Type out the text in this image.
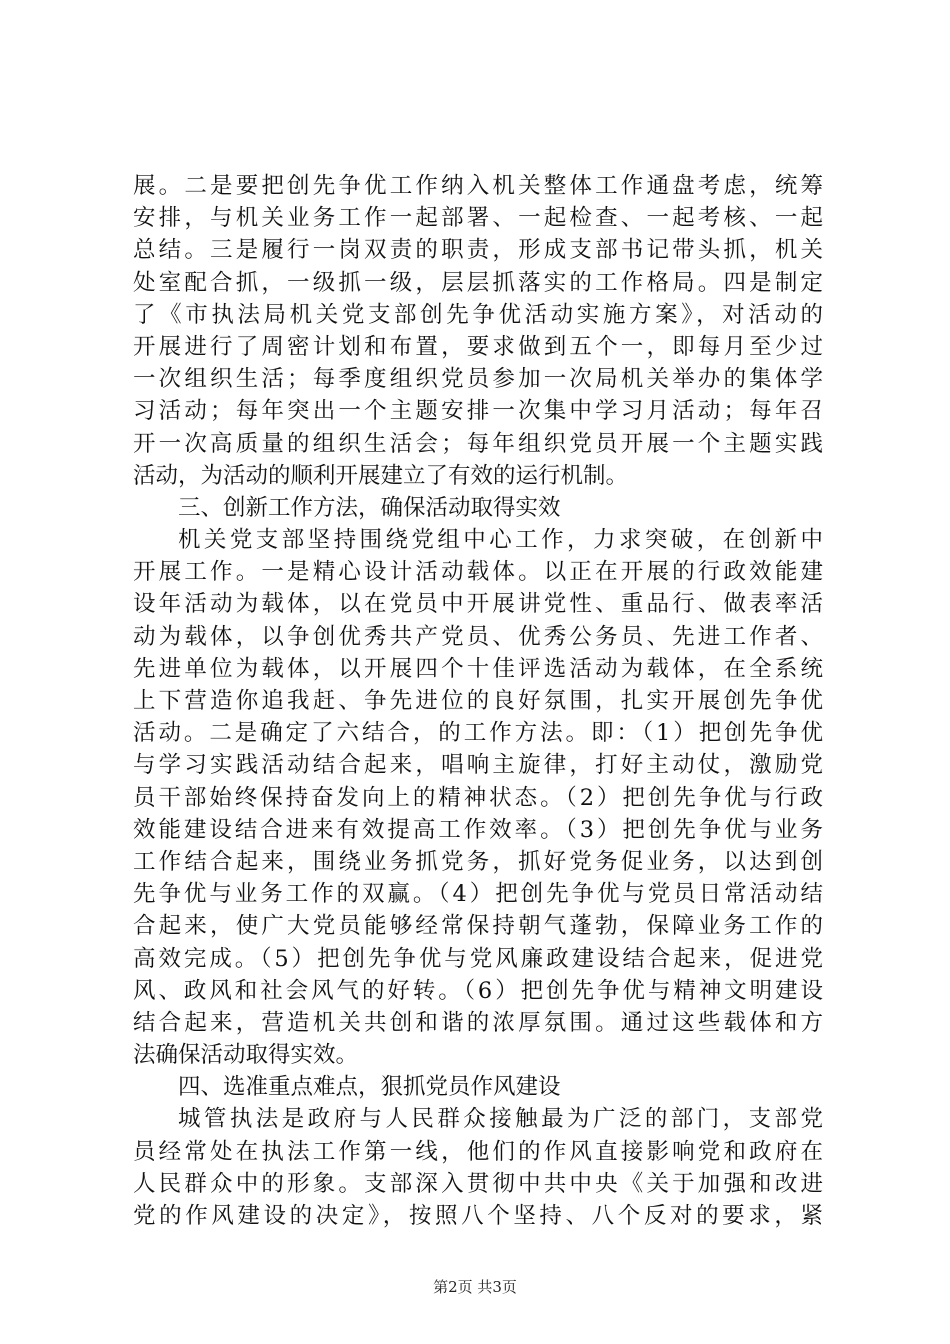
展。二是要把创先争优工作纳入机关整体工作通盘考虑，统筹
安排，与机关业务工作一起部署、一起检查、一起考核、一起
总结。三是履行一岗双责的职责，形成支部书记带头抓，机关
处室配合抓，一级抓一级，层层抓落实的工作格局。四是制定
了《市执法局机关党支部创先争优活动实施方案》，对活动的
开展进行了周密计划和布置，要求做到五个一，即每月至少过
一次组织生活；每季度组织党员参加一次局机关举办的集体学
习活动；每年突出一个主题安排一次集中学习月活动；每年召
开一次高质量的组织生活会；每年组织党员开展一个主题实践
活动，为活动的顺利开展建立了有效的运行机制。
三、创新工作方法，确保活动取得实效
机关党支部坚持围绕党组中心工作，力求突破，在创新中
开展工作。一是精心设计活动载体。以正在开展的行政效能建
设年活动为载体，以在党员中开展讲党性、重品行、做表率活
动为载体，以争创优秀共产党员、优秀公务员、先进工作者、
先进单位为载体，以开展四个十佳评选活动为载体，在全系统
上下营造你追我赶、争先进位的良好氛围，扎实开展创先争优
活动。二是确定了六结合，的工作方法。即：（1）把创先争优
与学习实践活动结合起来，唱响主旋律，打好主动仗，激励党
员干部始终保持奋发向上的精神状态。（2）把创先争优与行政
效能建设结合进来有效提高工作效率。（3）把创先争优与业务
工作结合起来，围绕业务抓党务，抓好党务促业务，以达到创
先争优与业务工作的双赢。（4）把创先争优与党员日常活动结
合起来，使广大党员能够经常保持朝气蓬勃，保障业务工作的
高效完成。（5）把创先争优与党风廉政建设结合起来，促进党
风、政风和社会风气的好转。（6）把创先争优与精神文明建设
结合起来，营造机关共创和谐的浓厚氛围。通过这些载体和方
法确保活动取得实效。
四、选准重点难点，狠抓党员作风建设
城管执法是政府与人民群众接触最为广泛的部门，支部党
员经常处在执法工作第一线，他们的作风直接影响党和政府在
人民群众中的形象。支部深入贯彻中共中央《关于加强和改进
党的作风建设的决定》，按照八个坚持、八个反对的要求，紧
第2页 共3页
